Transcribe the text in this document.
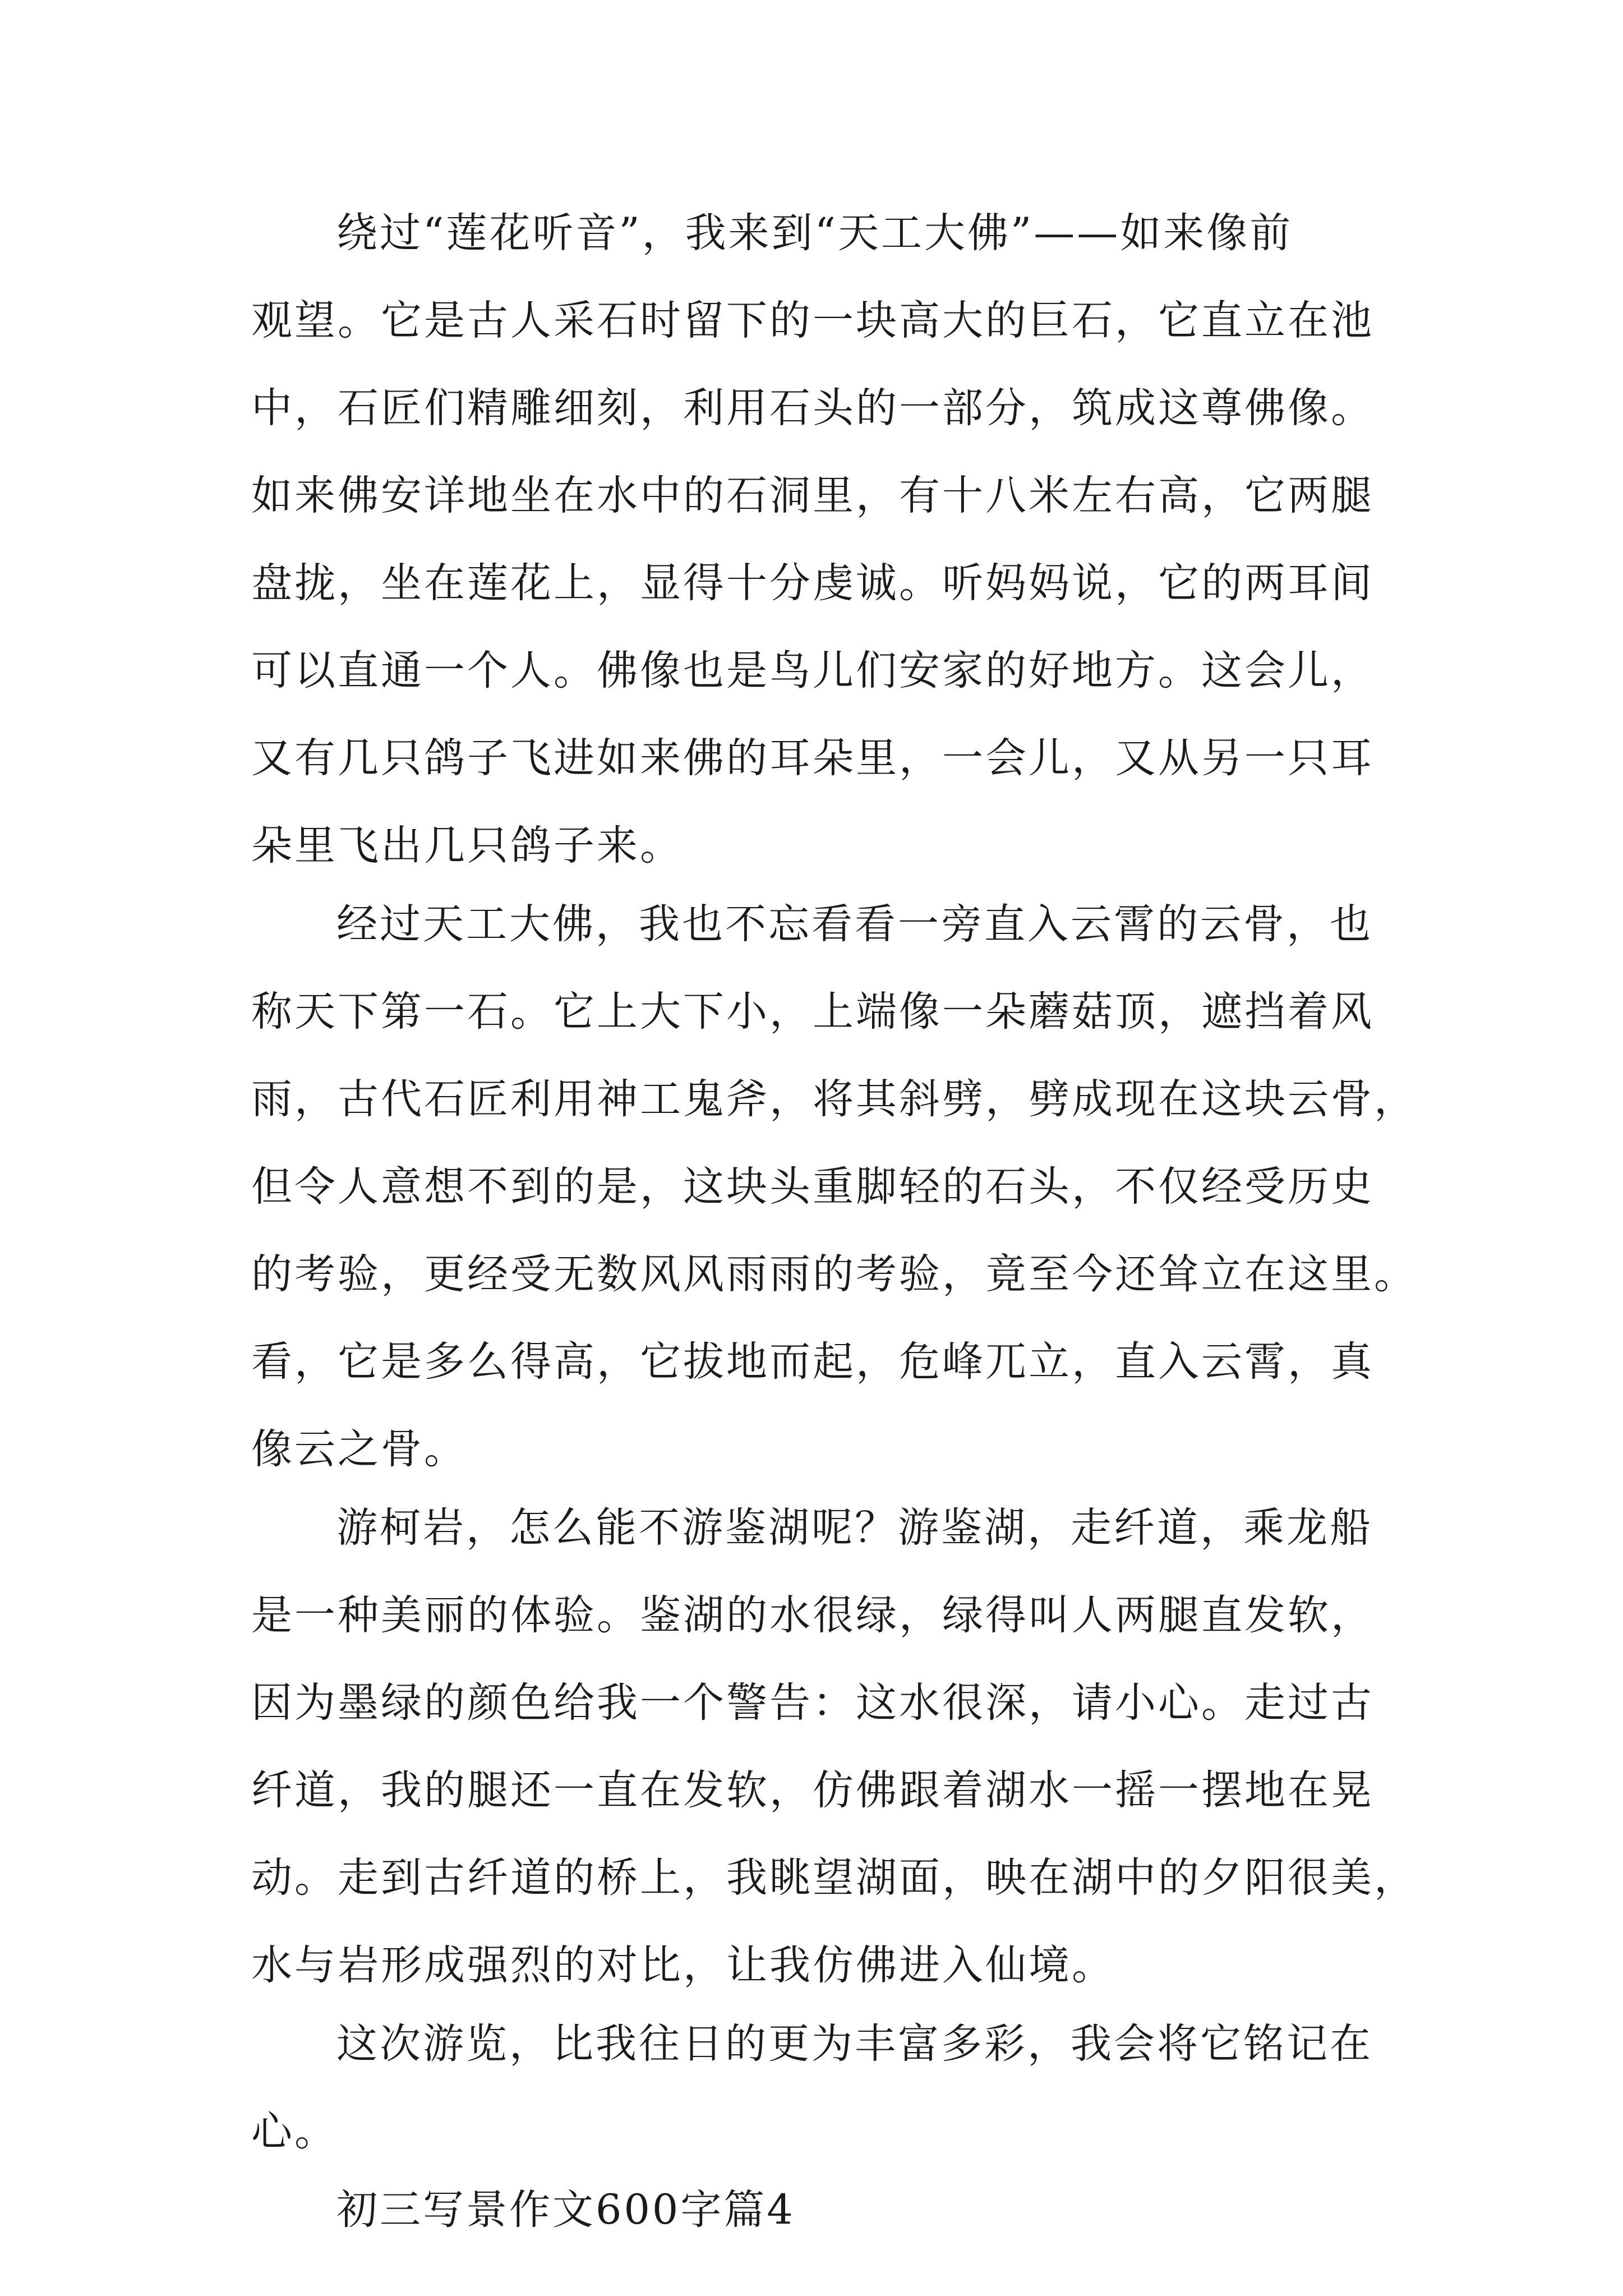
绕过“莲花听音”，我来到“天工大佛”——如来像前
观望。它是古人采石时留下的一块高大的巨石，它直立在池
中，石匠们精雕细刻，利用石头的一部分，筑成这尊佛像。
如来佛安详地坐在水中的石洞里，有十八米左右高，它两腿
盘拢，坐在莲花上，显得十分虔诚。听妈妈说，它的两耳间
可以直通一个人。佛像也是鸟儿们安家的好地方。这会儿，
又有几只鸽子飞进如来佛的耳朵里，一会儿，又从另一只耳
朵里飞出几只鸽子来。
经过天工大佛，我也不忘看看一旁直入云霄的云骨，也
称天下第一石。它上大下小，上端像一朵蘑菇顶，遮挡着风
雨，古代石匠利用神工鬼斧，将其斜劈，劈成现在这块云骨，
但令人意想不到的是，这块头重脚轻的石头，不仅经受历史
的考验，更经受无数风风雨雨的考验，竟至今还耸立在这里。
看，它是多么得高，它拔地而起，危峰兀立，直入云霄，真
像云之骨。
游柯岩，怎么能不游鉴湖呢？游鉴湖，走纤道，乘龙船
是一种美丽的体验。鉴湖的水很绿，绿得叫人两腿直发软，
因为墨绿的颜色给我一个警告：这水很深，请小心。走过古
纤道，我的腿还一直在发软，仿佛跟着湖水一摇一摆地在晃
动。走到古纤道的桥上，我眺望湖面，映在湖中的夕阳很美，
水与岩形成强烈的对比，让我仿佛进入仙境。
这次游览，比我往日的更为丰富多彩，我会将它铭记在
心。
初三写景作文600字篇4
